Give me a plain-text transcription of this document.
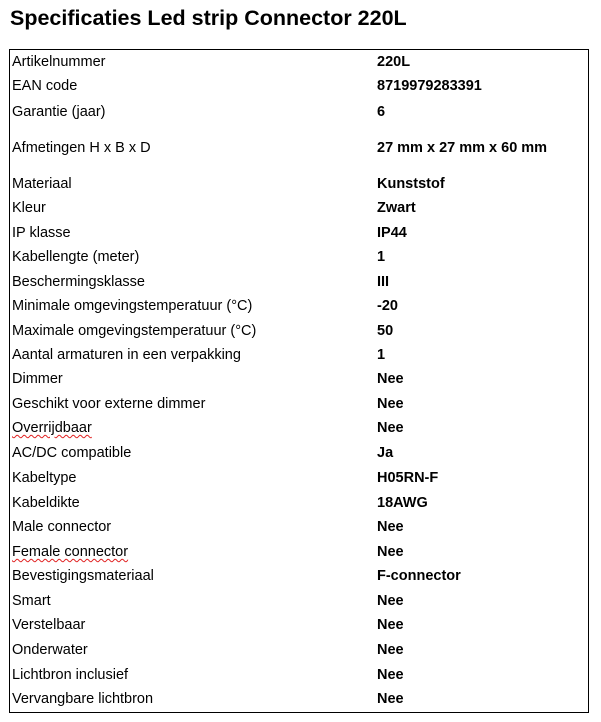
Specificaties Led strip Connector 220L
Artikelnummer	220L
EAN code	8719979283391
Garantie (jaar)	6
Afmetingen H x B x D	27 mm x 27 mm x 60 mm
Materiaal	Kunststof
Kleur	Zwart
IP klasse	IP44
Kabellengte (meter)	1
Beschermingsklasse	III
Minimale omgevingstemperatuur (°C)	-20
Maximale omgevingstemperatuur (°C)	50
Aantal armaturen in een verpakking	1
Dimmer	Nee
Geschikt voor externe dimmer	Nee
Overrijdbaar	Nee
AC/DC compatible	Ja
Kabeltype	H05RN-F
Kabeldikte	18AWG
Male connector	Nee
Female connector	Nee
Bevestigingsmateriaal	F-connector
Smart	Nee
Verstelbaar	Nee
Onderwater	Nee
Lichtbron inclusief	Nee
Vervangbare lichtbron	Nee
